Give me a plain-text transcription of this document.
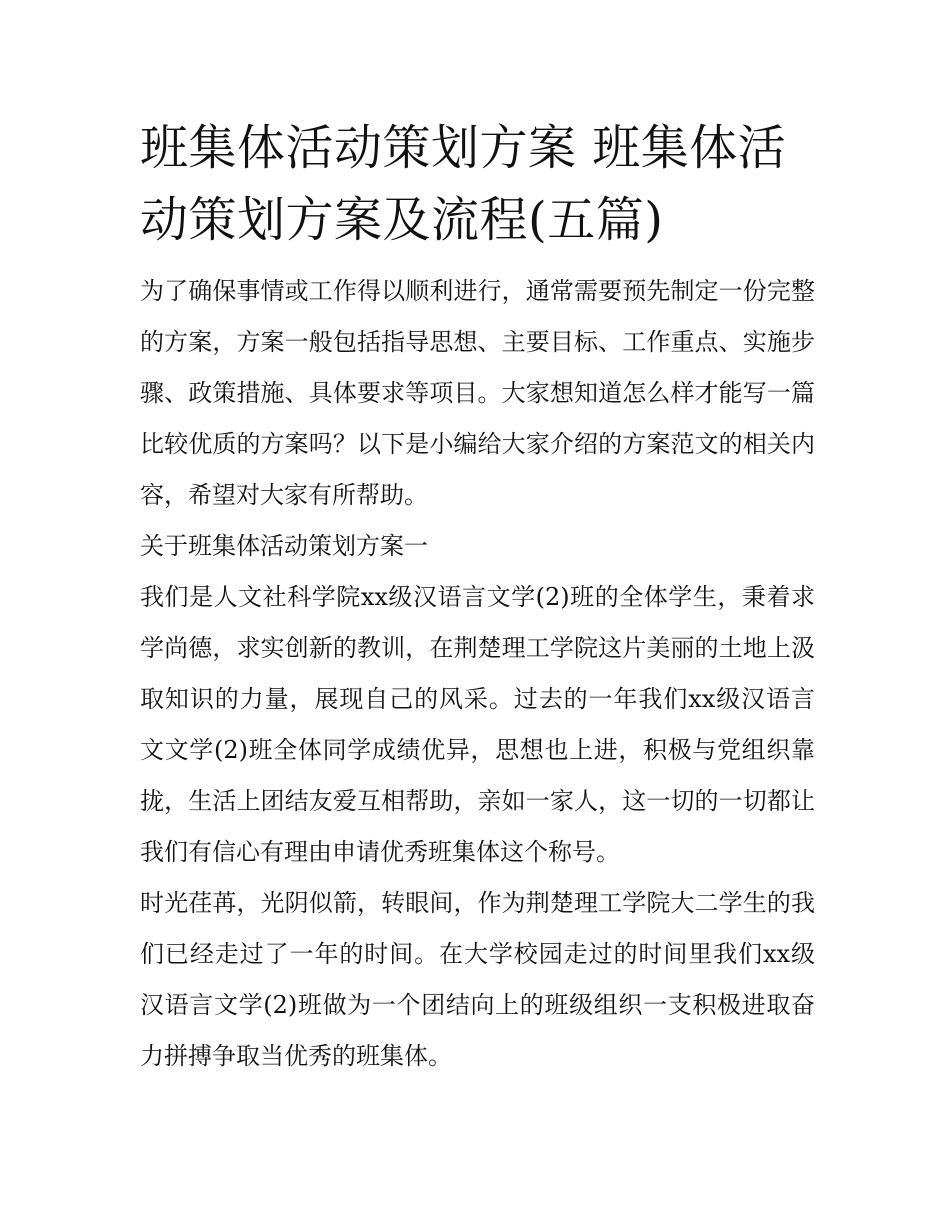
班集体活动策划方案 班集体活动策划方案及流程(五篇)

为了确保事情或工作得以顺利进行，通常需要预先制定一份完整的方案，方案一般包括指导思想、主要目标、工作重点、实施步骤、政策措施、具体要求等项目。大家想知道怎么样才能写一篇比较优质的方案吗？以下是小编给大家介绍的方案范文的相关内容，希望对大家有所帮助。

关于班集体活动策划方案一

我们是人文社科学院xx级汉语言文学(2)班的全体学生，秉着求学尚德，求实创新的教训，在荆楚理工学院这片美丽的土地上汲取知识的力量，展现自己的风采。过去的一年我们xx级汉语言文文学(2)班全体同学成绩优异，思想也上进，积极与党组织靠拢，生活上团结友爱互相帮助，亲如一家人，这一切的一切都让我们有信心有理由申请优秀班集体这个称号。

时光荏苒，光阴似箭，转眼间，作为荆楚理工学院大二学生的我们已经走过了一年的时间。在大学校园走过的时间里我们xx级汉语言文学(2)班做为一个团结向上的班级组织一支积极进取奋力拼搏争取当优秀的班集体。
